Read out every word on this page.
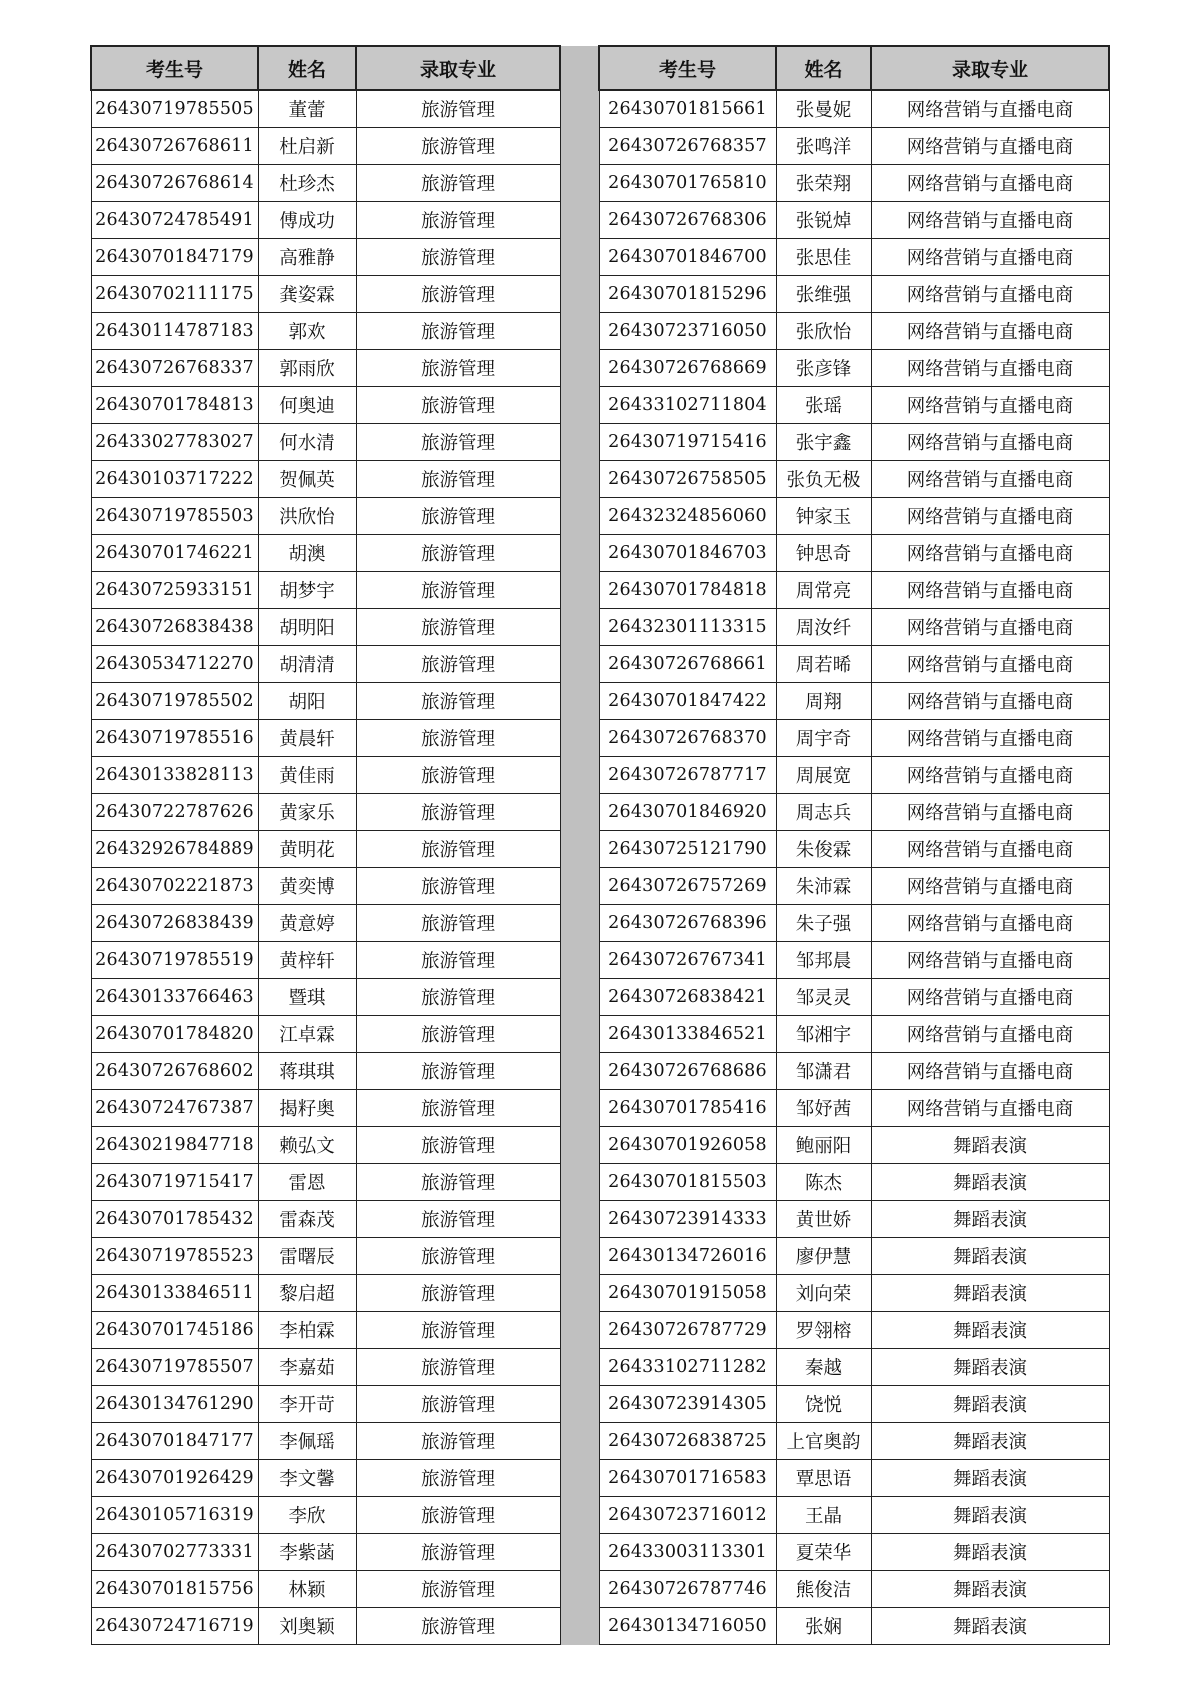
考生号	姓名	录取专业		考生号	姓名	录取专业
26430719785505	董蕾	旅游管理		26430701815661	张曼妮	网络营销与直播电商
26430726768611	杜启新	旅游管理		26430726768357	张鸣洋	网络营销与直播电商
26430726768614	杜珍杰	旅游管理		26430701765810	张荣翔	网络营销与直播电商
26430724785491	傅成功	旅游管理		26430726768306	张锐焯	网络营销与直播电商
26430701847179	高雅静	旅游管理		26430701846700	张思佳	网络营销与直播电商
26430702111175	龚姿霖	旅游管理		26430701815296	张维强	网络营销与直播电商
26430114787183	郭欢	旅游管理		26430723716050	张欣怡	网络营销与直播电商
26430726768337	郭雨欣	旅游管理		26430726768669	张彦锋	网络营销与直播电商
26430701784813	何奥迪	旅游管理		26433102711804	张瑶	网络营销与直播电商
26433027783027	何水清	旅游管理		26430719715416	张宇鑫	网络营销与直播电商
26430103717222	贺佩英	旅游管理		26430726758505	张负无极	网络营销与直播电商
26430719785503	洪欣怡	旅游管理		26432324856060	钟家玉	网络营销与直播电商
26430701746221	胡澳	旅游管理		26430701846703	钟思奇	网络营销与直播电商
26430725933151	胡梦宇	旅游管理		26430701784818	周常亮	网络营销与直播电商
26430726838438	胡明阳	旅游管理		26432301113315	周汝纤	网络营销与直播电商
26430534712270	胡清清	旅游管理		26430726768661	周若晞	网络营销与直播电商
26430719785502	胡阳	旅游管理		26430701847422	周翔	网络营销与直播电商
26430719785516	黄晨轩	旅游管理		26430726768370	周宇奇	网络营销与直播电商
26430133828113	黄佳雨	旅游管理		26430726787717	周展宽	网络营销与直播电商
26430722787626	黄家乐	旅游管理		26430701846920	周志兵	网络营销与直播电商
26432926784889	黄明花	旅游管理		26430725121790	朱俊霖	网络营销与直播电商
26430702221873	黄奕博	旅游管理		26430726757269	朱沛霖	网络营销与直播电商
26430726838439	黄意婷	旅游管理		26430726768396	朱子强	网络营销与直播电商
26430719785519	黄梓轩	旅游管理		26430726767341	邹邦晨	网络营销与直播电商
26430133766463	暨琪	旅游管理		26430726838421	邹灵灵	网络营销与直播电商
26430701784820	江卓霖	旅游管理		26430133846521	邹湘宇	网络营销与直播电商
26430726768602	蒋琪琪	旅游管理		26430726768686	邹潇君	网络营销与直播电商
26430724767387	揭籽奥	旅游管理		26430701785416	邹妤茜	网络营销与直播电商
26430219847718	赖弘文	旅游管理		26430701926058	鲍丽阳	舞蹈表演
26430719715417	雷恩	旅游管理		26430701815503	陈杰	舞蹈表演
26430701785432	雷森茂	旅游管理		26430723914333	黄世娇	舞蹈表演
26430719785523	雷曙辰	旅游管理		26430134726016	廖伊慧	舞蹈表演
26430133846511	黎启超	旅游管理		26430701915058	刘向荣	舞蹈表演
26430701745186	李柏霖	旅游管理		26430726787729	罗翎榕	舞蹈表演
26430719785507	李嘉茹	旅游管理		26433102711282	秦越	舞蹈表演
26430134761290	李开苛	旅游管理		26430723914305	饶悦	舞蹈表演
26430701847177	李佩瑶	旅游管理		26430726838725	上官奥韵	舞蹈表演
26430701926429	李文馨	旅游管理		26430701716583	覃思语	舞蹈表演
26430105716319	李欣	旅游管理		26430723716012	王晶	舞蹈表演
26430702773331	李紫菡	旅游管理		26433003113301	夏荣华	舞蹈表演
26430701815756	林颖	旅游管理		26430726787746	熊俊洁	舞蹈表演
26430724716719	刘奥颖	旅游管理		26430134716050	张娴	舞蹈表演
